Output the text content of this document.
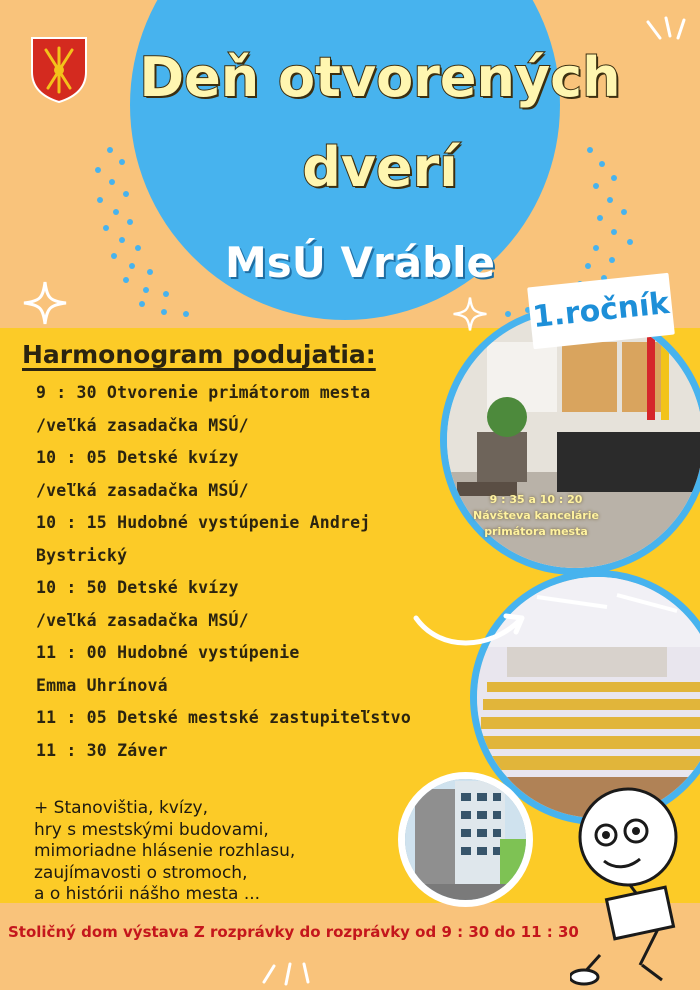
Deň otvorených
dverí
MsÚ Vráble
9 : 35 a 10 : 20
Návšteva kancelárie
primátora mesta
1.ročník
Harmonogram podujatia:
9 : 30 Otvorenie primátorom mesta
/veľká zasadačka MSÚ/
10 : 05 Detské kvízy
/veľká zasadačka MSÚ/
10 : 15 Hudobné vystúpenie Andrej
Bystrický
10 : 50 Detské kvízy
/veľká zasadačka MSÚ/
11 : 00 Hudobné vystúpenie
Emma Uhrínová
11 : 05 Detské mestské zastupiteľstvo
11 : 30 Záver
+ Stanovištia, kvízy,
hry s mestskými budovami,
mimoriadne hlásenie rozhlasu,
zaujímavosti o stromoch,
a o histórii nášho mesta ...
Stoličný dom výstava Z rozprávky do rozprávky od 9 : 30 do 11 : 30
